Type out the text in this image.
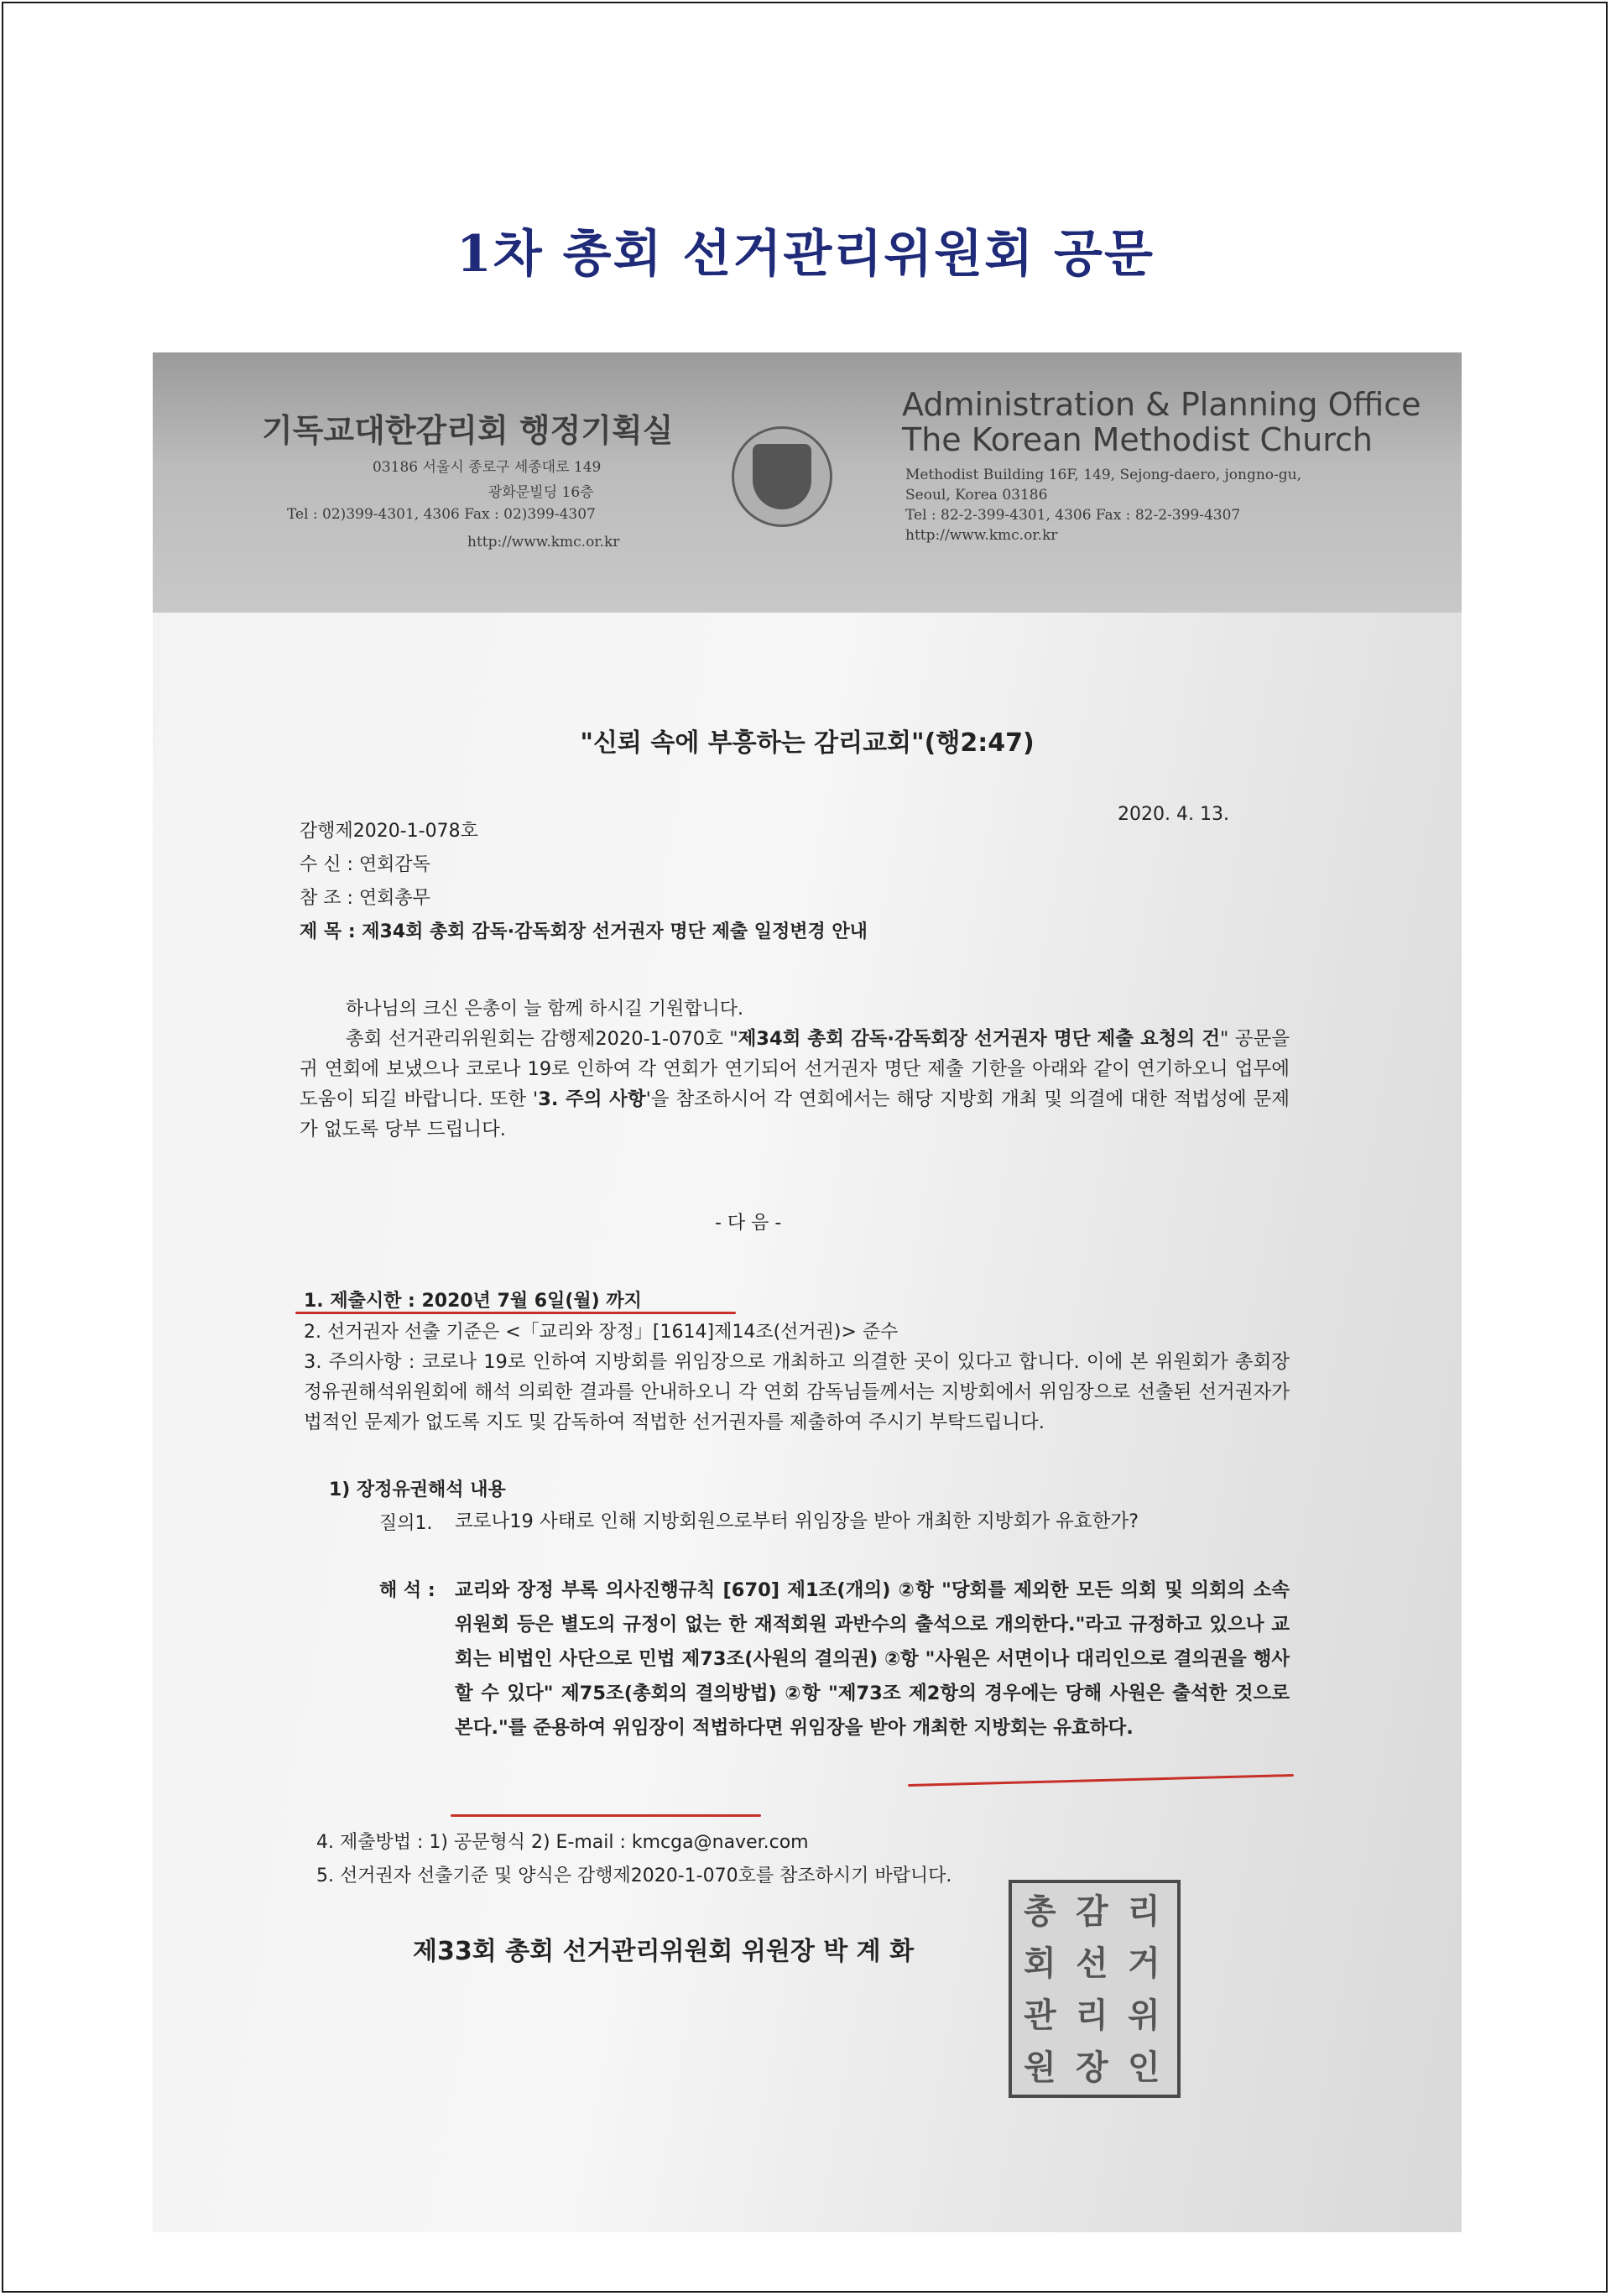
1차 총회 선거관리위원회 공문
기독교대한감리회 행정기획실
03186 서울시 종로구 세종대로 149
광화문빌딩 16층
Tel : 02)399-4301, 4306 Fax : 02)399-4307
http://www.kmc.or.kr
Administration & Planning Office
The Korean Methodist Church
Methodist Building 16F, 149, Sejong-daero, jongno-gu,
Seoul, Korea 03186
Tel : 82-2-399-4301, 4306 Fax : 82-2-399-4307
http://www.kmc.or.kr
"신뢰 속에 부흥하는 감리교회"(행2:47)
감행제2020-1-078호
2020. 4. 13.
수 신 : 연회감독
참 조 : 연회총무
제 목 : 제34회 총회 감독·감독회장 선거권자 명단 제출 일정변경 안내
하나님의 크신 은총이 늘 함께 하시길 기원합니다.
총회 선거관리위원회는 감행제2020-1-070호 "제34회 총회 감독·감독회장 선거권자 명단 제출 요청의 건" 공문을 귀 연회에 보냈으나 코로나 19로 인하여 각 연회가 연기되어 선거권자 명단 제출 기한을 아래와 같이 연기하오니 업무에 도움이 되길 바랍니다. 또한 '3. 주의 사항'을 참조하시어 각 연회에서는 해당 지방회 개최 및 의결에 대한 적법성에 문제가 없도록 당부 드립니다.
- 다 음 -
1. 제출시한 : 2020년 7월 6일(월) 까지
2. 선거권자 선출 기준은 <「교리와 장정」[1614]제14조(선거권)> 준수
3. 주의사항 : 코로나 19로 인하여 지방회를 위임장으로 개최하고 의결한 곳이 있다고 합니다. 이에 본 위원회가 총회장정유권해석위원회에 해석 의뢰한 결과를 안내하오니 각 연회 감독님들께서는 지방회에서 위임장으로 선출된 선거권자가 법적인 문제가 없도록 지도 및 감독하여 적법한 선거권자를 제출하여 주시기 부탁드립니다.
1) 장정유권해석 내용
질의1. 코로나19 사태로 인해 지방회원으로부터 위임장을 받아 개최한 지방회가 유효한가?
해 석 : 교리와 장정 부록 의사진행규칙 [670] 제1조(개의) ②항 "당회를 제외한 모든 의회 및 의회의 소속 위원회 등은 별도의 규정이 없는 한 재적회원 과반수의 출석으로 개의한다."라고 규정하고 있으나 교회는 비법인 사단으로 민법 제73조(사원의 결의권) ②항 "사원은 서면이나 대리인으로 결의권을 행사할 수 있다" 제75조(총회의 결의방법) ②항 "제73조 제2항의 경우에는 당해 사원은 출석한 것으로 본다."를 준용하여 위임장이 적법하다면 위임장을 받아 개최한 지방회는 유효하다.
4. 제출방법 : 1) 공문형식 2) E-mail : kmcga@naver.com
5. 선거권자 선출기준 및 양식은 감행제2020-1-070호를 참조하시기 바랍니다.
제33회 총회 선거관리위원회 위원장 박 계 화
총 감 리
회 선 거
관 리 위
원 장 인
